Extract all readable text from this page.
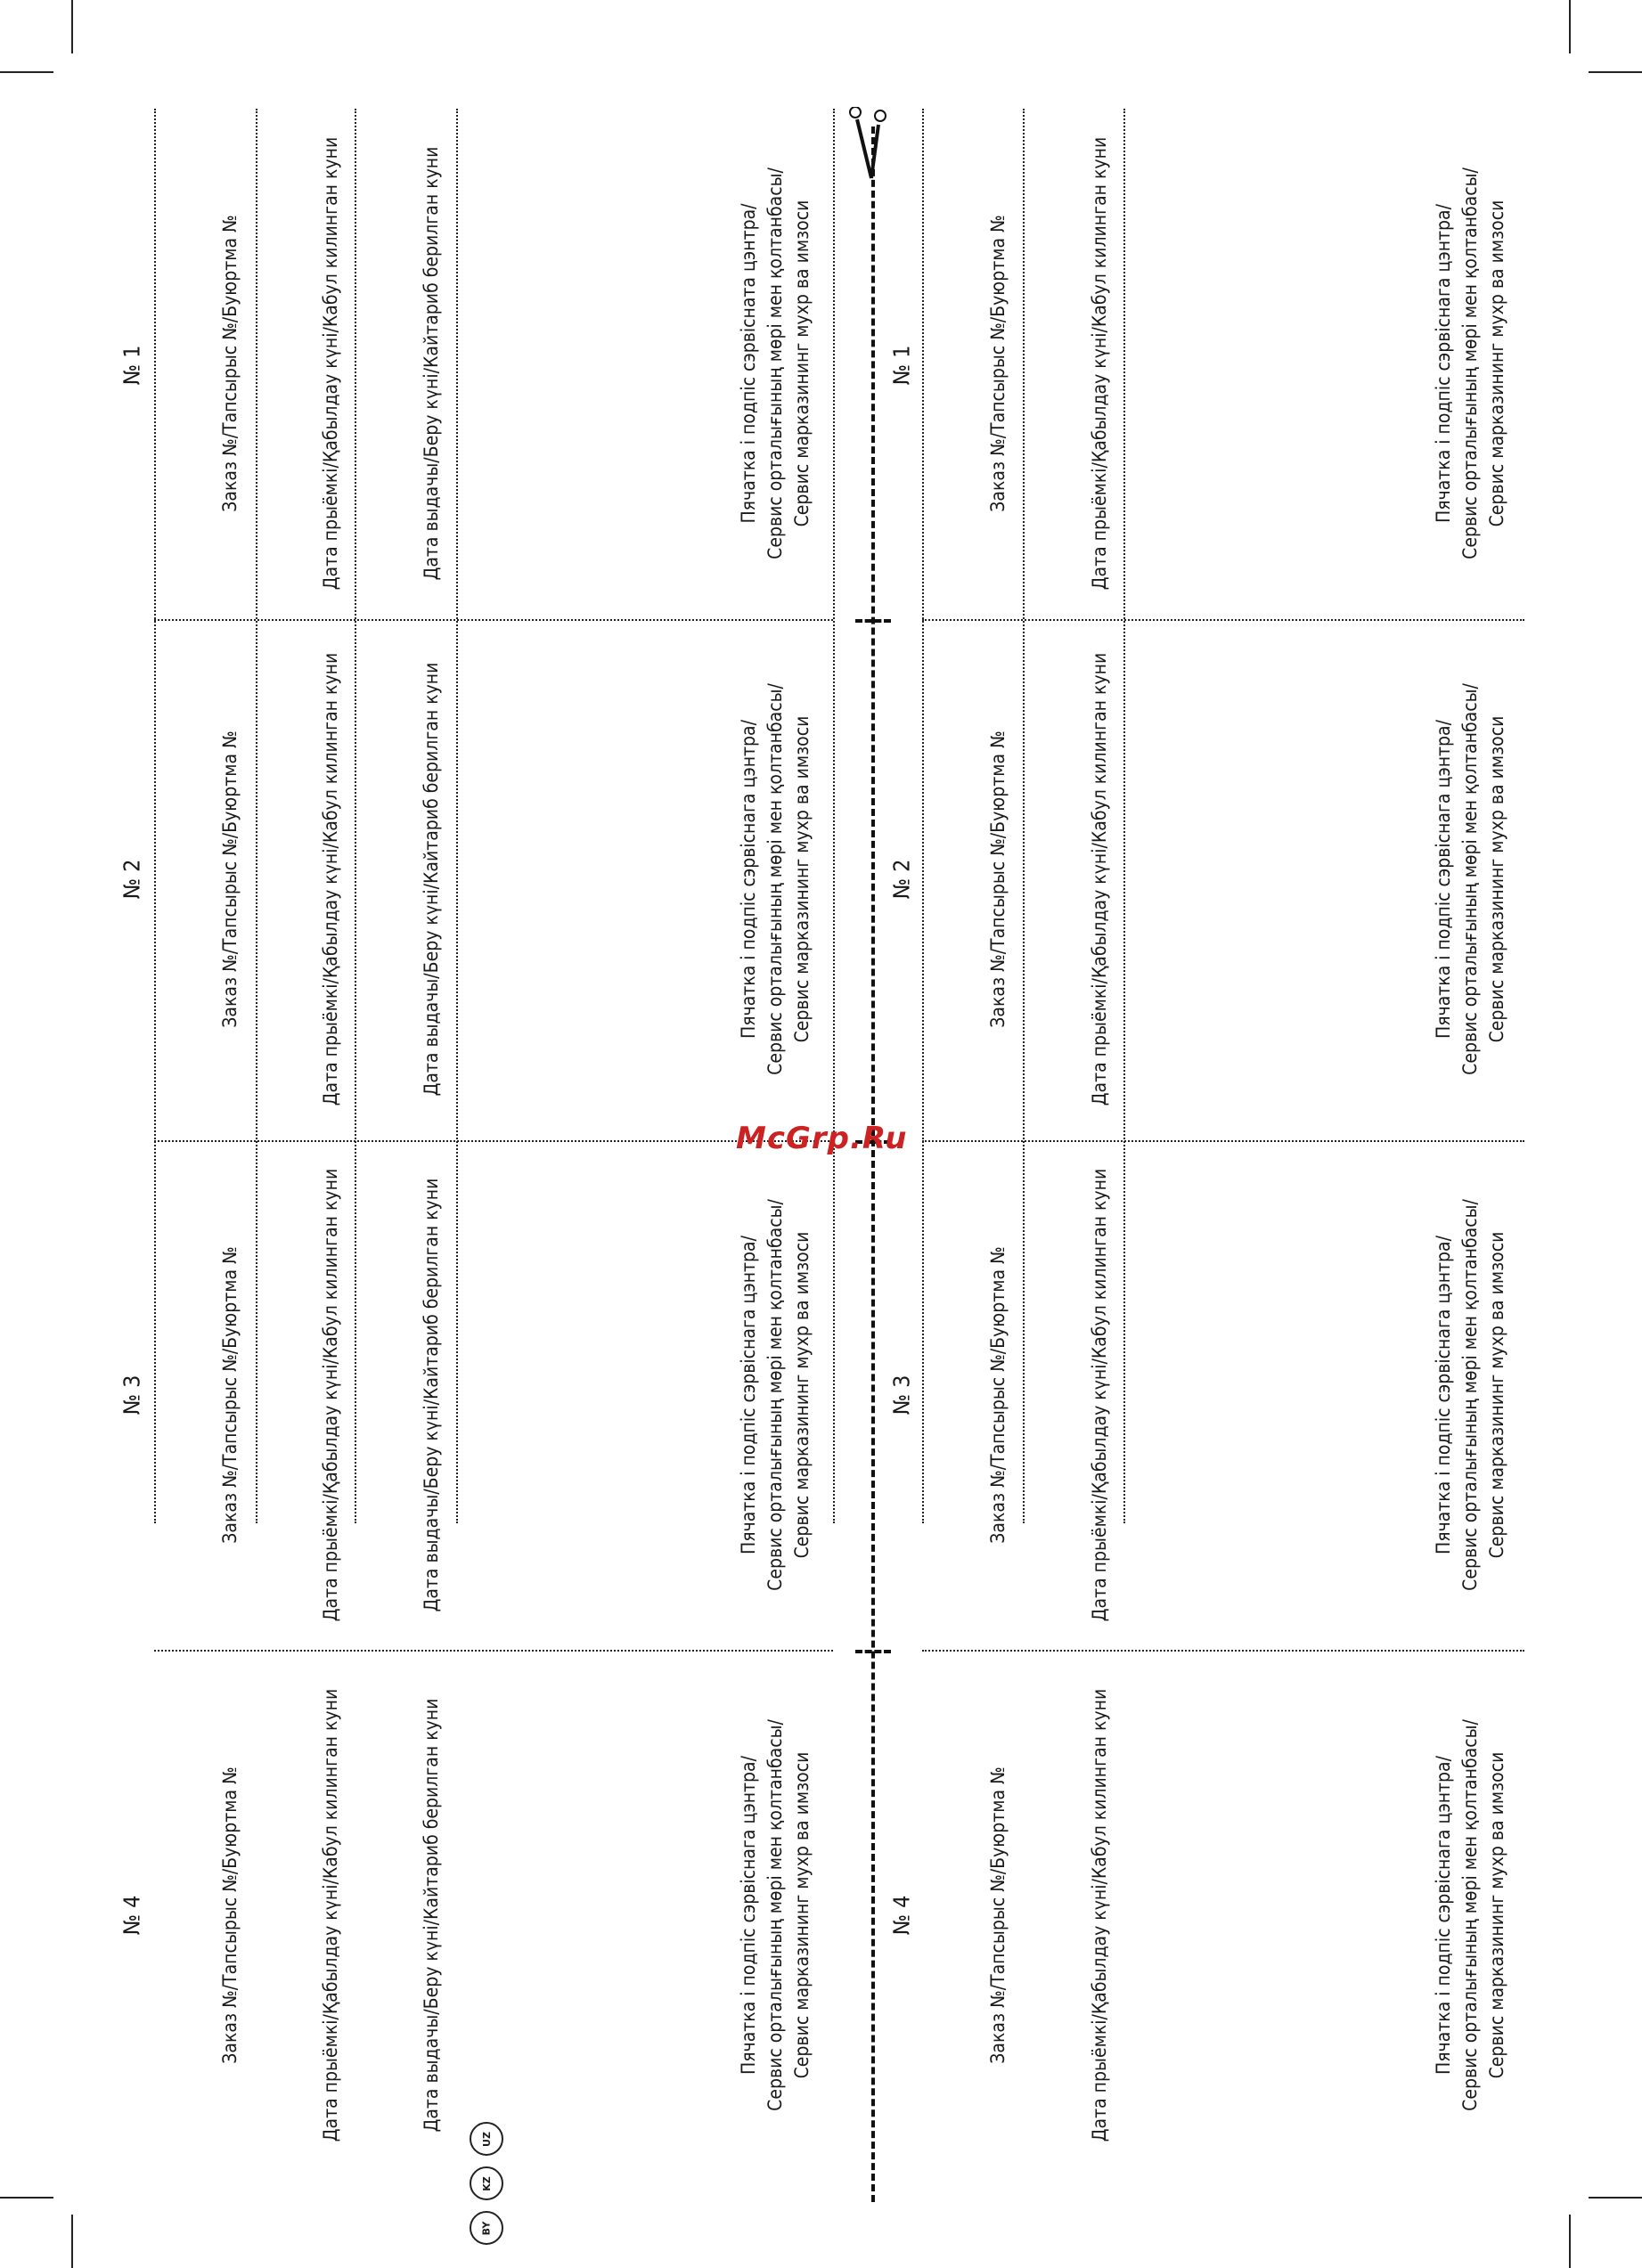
McGrp.Ru
№ 1	Заказ №/Тапсырыс №/Буюртма №	Дата прыёмкі/Қабылдау күні/Кабул килинган куни	Дата выдачы/Беру күні/Кайтариб берилган куни	Пячатка і подпіс сэрвісната цэнтра/ Сервис орталығының мөрі мен қолтанбасы/ Сервис марказининг мухр ва имзоси
№ 2	Заказ №/Тапсырыс №/Буюртма №	Дата прыёмкі/Қабылдау күні/Кабул килинган куни	Дата выдачы/Беру күні/Кайтариб берилган куни	Пячатка і подпіс сэрвіснага цэнтра/ Сервис орталығының мөрі мен қолтанбасы/ Сервис марказининг мухр ва имзоси
№ 3	Заказ №/Тапсырыс №/Буюртма №	Дата прыёмкі/Қабылдау күні/Кабул килинган куни	Дата выдачы/Беру күні/Кайтариб берилган куни	Пячатка і подпіс сэрвіснага цэнтра/ Сервис орталығының мөрі мен қолтанбасы/ Сервис марказининг мухр ва имзоси
№ 4	Заказ №/Тапсырыс №/Буюртма №	Дата прыёмкі/Қабылдау күні/Кабул килинган куни	Дата выдачы/Беру күні/Кайтариб берилган куни	Пячатка і подпіс сэрвіснага цэнтра/ Сервис орталығының мөрі мен қолтанбасы/ Сервис марказининг мухр ва имзоси
№ 1	Заказ №/Тапсырыс №/Буюртма №	Дата прыёмкі/Қабылдау күні/Кабул килинган куни	Пячатка і подпіс сэрвіснага цэнтра/ Сервис орталығының мөрі мен қолтанбасы/ Сервис марказининг мухр ва имзоси
№ 2	Заказ №/Тапсырыс №/Буюртма №	Дата прыёмкі/Қабылдау күні/Кабул килинган куни	Пячатка і подпіс сэрвіснага цэнтра/ Сервис орталығының мөрі мен қолтанбасы/ Сервис марказининг мухр ва имзоси
№ 3	Заказ №/Тапсырыс №/Буюртма №	Дата прыёмкі/Қабылдау күні/Кабул килинган куни	Пячатка і подпіс сэрвіснага цэнтра/ Сервис орталығының мөрі мен қолтанбасы/ Сервис марказининг мухр ва имзоси
№ 4	Заказ №/Тапсырыс №/Буюртма №	Дата прыёмкі/Қабылдау күні/Кабул килинган куни	Пячатка і подпіс сэрвіснага цэнтра/ Сервис орталығының мөрі мен қолтанбасы/ Сервис марказининг мухр ва имзоси
UZ
KZ
BY
